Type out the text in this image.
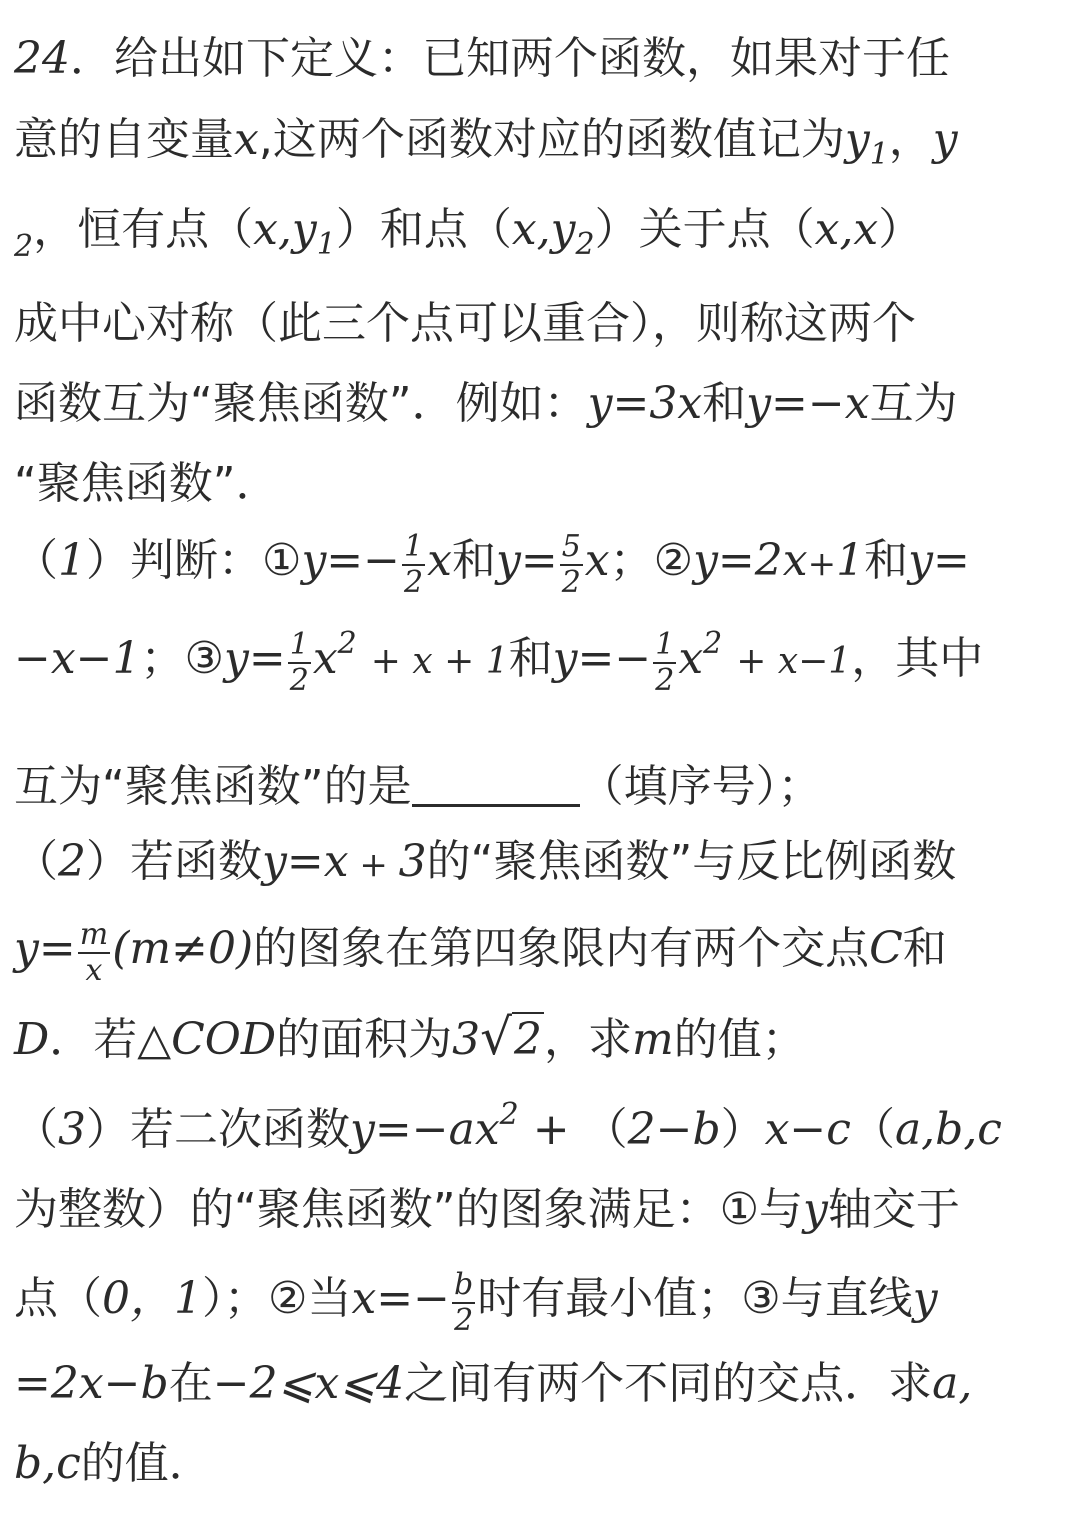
24．给出如下定义：已知两个函数，如果对于任
意的自变量x,这两个函数对应的函数值记为$y_1$，y
$_2$，恒有点$(x,y_1)$和点$(x,y_2)$关于点（x,x）
成中心对称（此三个点可以重合），则称这两个
函数互为“聚焦函数”．例如：y=3x和y=−x互为
“聚焦函数”．
（1）判断：①y=− $\frac{1}{2}$ x和$y= \frac{5}{2}$ x；②y=2x+1和y=
−x−1；③y= $\frac{1}{2} x^2 + x + 1$和$y=- \frac{1}{2} x^2 + x-1$，其中
互为“聚焦函数”的是	（填序号）；
（2）若函数y=x + 3的“聚焦函数”与反比例函数
$y= \frac{m}{x} (m\ne 0)$的图象在第四象限内有两个交点C和
D．若△COD的面积为3√2，求m的值；
（3）若二次函数$y=-ax^2 + (2-b)x-c(a,b,c$
为整数）的“聚焦函数”的图象满足：①与y轴交于
点（0，1）；②当$x=- \frac{b}{2}$ 时有最小值；③与直线y
=2x−b在−2⩽x⩽4之间有两个不同的交点．求a,
b,c的值．
